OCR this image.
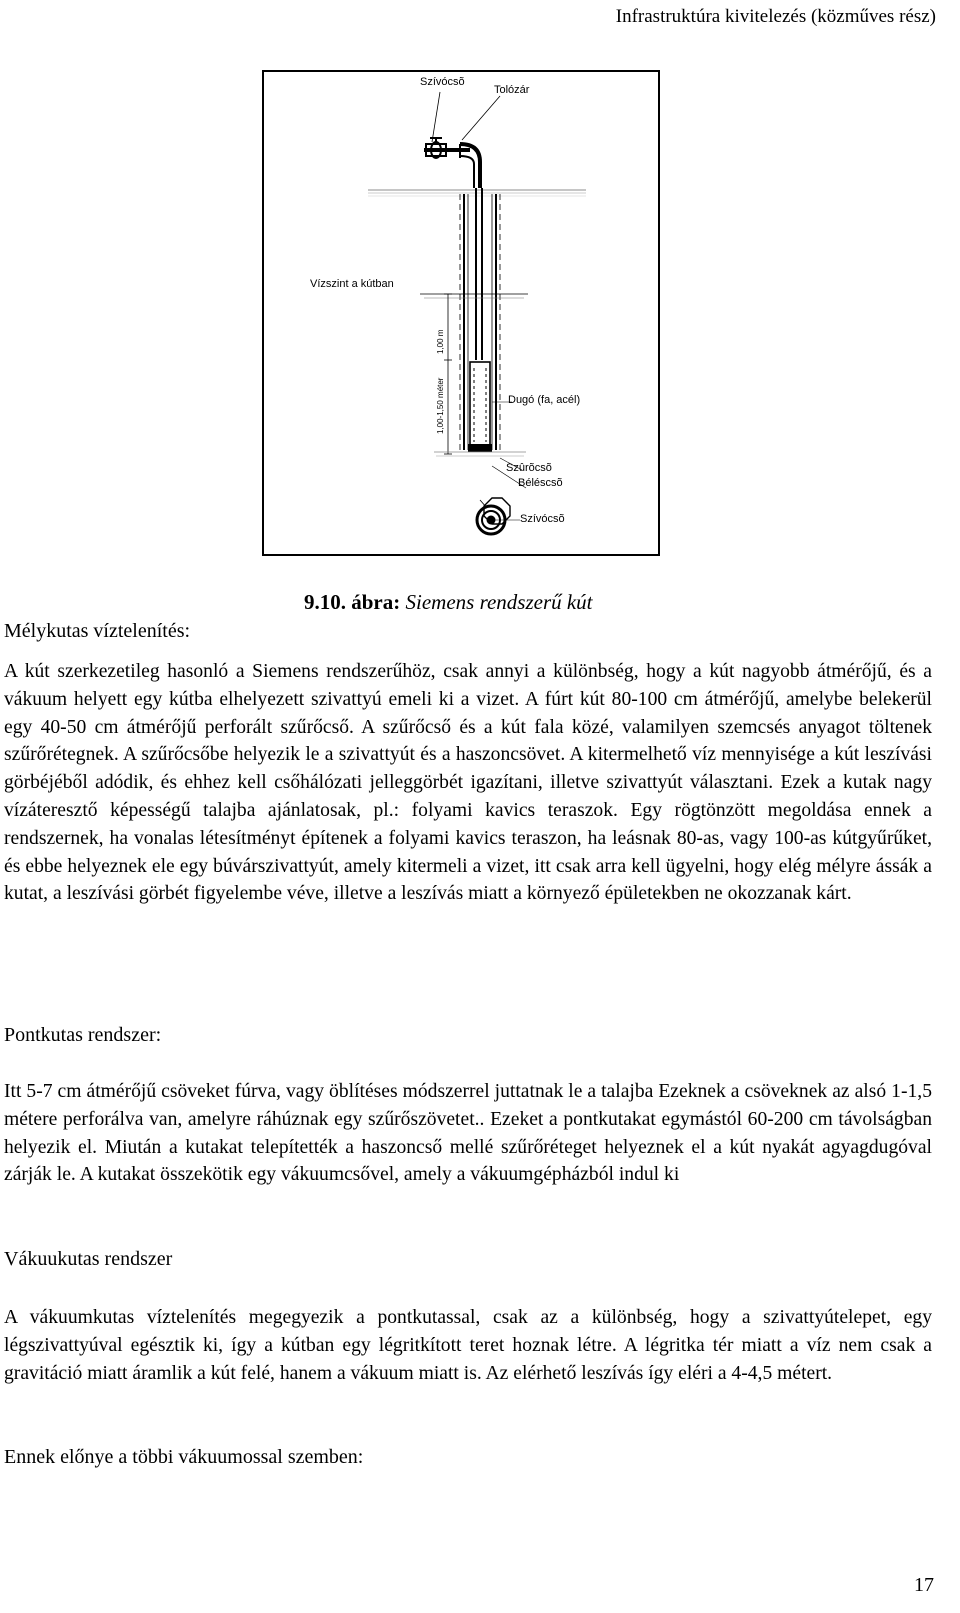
Infrastruktúra kivitelezés (közműves rész)
Szívócsõ
Tolózár
Vízszint a kútban
1,00 m
1,00-1,50 méter	Dugó (fa, acél)
Szûrõcsõ
Béléscsõ
Szívócsõ
9.10. ábra: Siemens rendszerű kút
Mélykutas víztelenítés:

A kút szerkezetileg hasonló a Siemens rendszerűhöz, csak annyi a különbség, hogy a kút nagyobb átmérőjű, és a vákuum helyett egy kútba elhelyezett szivattyú emeli ki a vizet. A fúrt kút 80-100 cm átmérőjű, amelybe belekerül egy 40-50 cm átmérőjű perforált szűrőcső. A szűrőcső és a kút fala közé, valamilyen szemcsés anyagot töltenek szűrőrétegnek. A szűrőcsőbe helyezik le a szivattyút és a haszoncsövet. A kitermelhető víz mennyisége a kút leszívási görbéjéből adódik, és ehhez kell csőhálózati jelleggörbét igazítani, illetve szivattyút választani. Ezek a kutak nagy vízáteresztő képességű talajba ajánlatosak, pl.: folyami kavics teraszok. Egy rögtönzött megoldása ennek a rendszernek, ha vonalas létesítményt építenek a folyami kavics teraszon, ha leásnak 80-as, vagy 100-as kútgyűrűket, és ebbe helyeznek ele egy búvárszivattyút, amely kitermeli a vizet, itt csak arra kell ügyelni, hogy elég mélyre ássák a kutat, a leszívási görbét figyelembe véve, illetve a leszívás miatt a környező épületekben ne okozzanak kárt.

Pontkutas rendszer:

Itt 5-7 cm átmérőjű csöveket fúrva, vagy öblítéses módszerrel juttatnak le a talajba Ezeknek a csöveknek az alsó 1-1,5 métere perforálva van, amelyre ráhúznak egy szűrőszövetet.. Ezeket a pontkutakat egymástól 60-200 cm távolságban helyezik el. Miután a kutakat telepítették a haszoncső mellé szűrőréteget helyeznek el a kút nyakát agyagdugóval zárják le. A kutakat összekötik egy vákuumcsővel, amely a vákuumgépházból indul ki

Vákuukutas rendszer

A vákuumkutas víztelenítés megegyezik a pontkutassal, csak az a különbség, hogy a szivattyútelepet, egy légszivattyúval egésztik ki, így a kútban egy légritkított teret hoznak létre. A légritka tér miatt a víz nem csak a gravitáció miatt áramlik a kút felé, hanem a vákuum miatt is. Az elérhető leszívás így eléri a 4-4,5 métert.

Ennek előnye a többi vákuumossal szemben:

17
